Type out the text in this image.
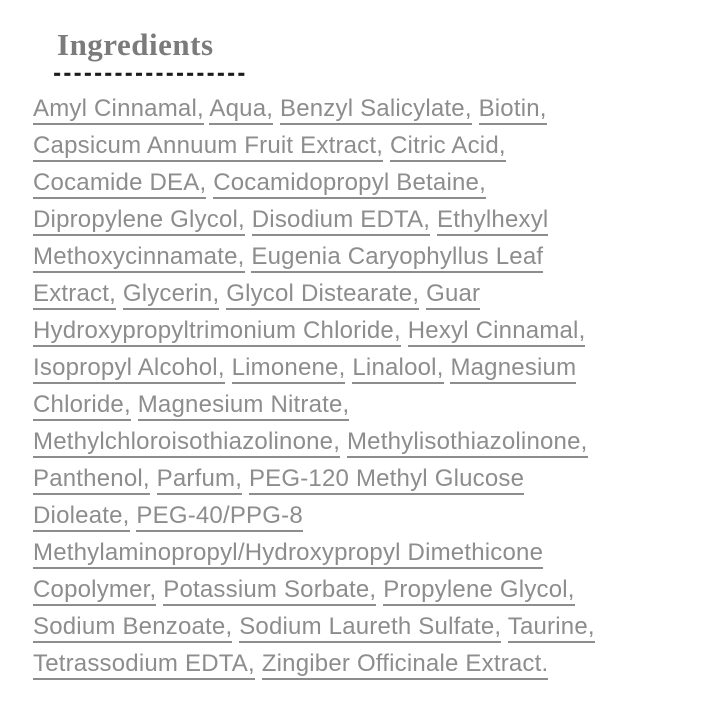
Ingredients
-------------------
Amyl Cinnamal, Aqua, Benzyl Salicylate, Biotin,
Capsicum Annuum Fruit Extract, Citric Acid,
Cocamide DEA, Cocamidopropyl Betaine,
Dipropylene Glycol, Disodium EDTA, Ethylhexyl
Methoxycinnamate, Eugenia Caryophyllus Leaf
Extract, Glycerin, Glycol Distearate, Guar
Hydroxypropyltrimonium Chloride, Hexyl Cinnamal,
Isopropyl Alcohol, Limonene, Linalool, Magnesium
Chloride, Magnesium Nitrate,
Methylchloroisothiazolinone, Methylisothiazolinone,
Panthenol, Parfum, PEG-120 Methyl Glucose
Dioleate, PEG-40/PPG-8
Methylaminopropyl/Hydroxypropyl Dimethicone
Copolymer, Potassium Sorbate, Propylene Glycol,
Sodium Benzoate, Sodium Laureth Sulfate, Taurine,
Tetrassodium EDTA, Zingiber Officinale Extract.
